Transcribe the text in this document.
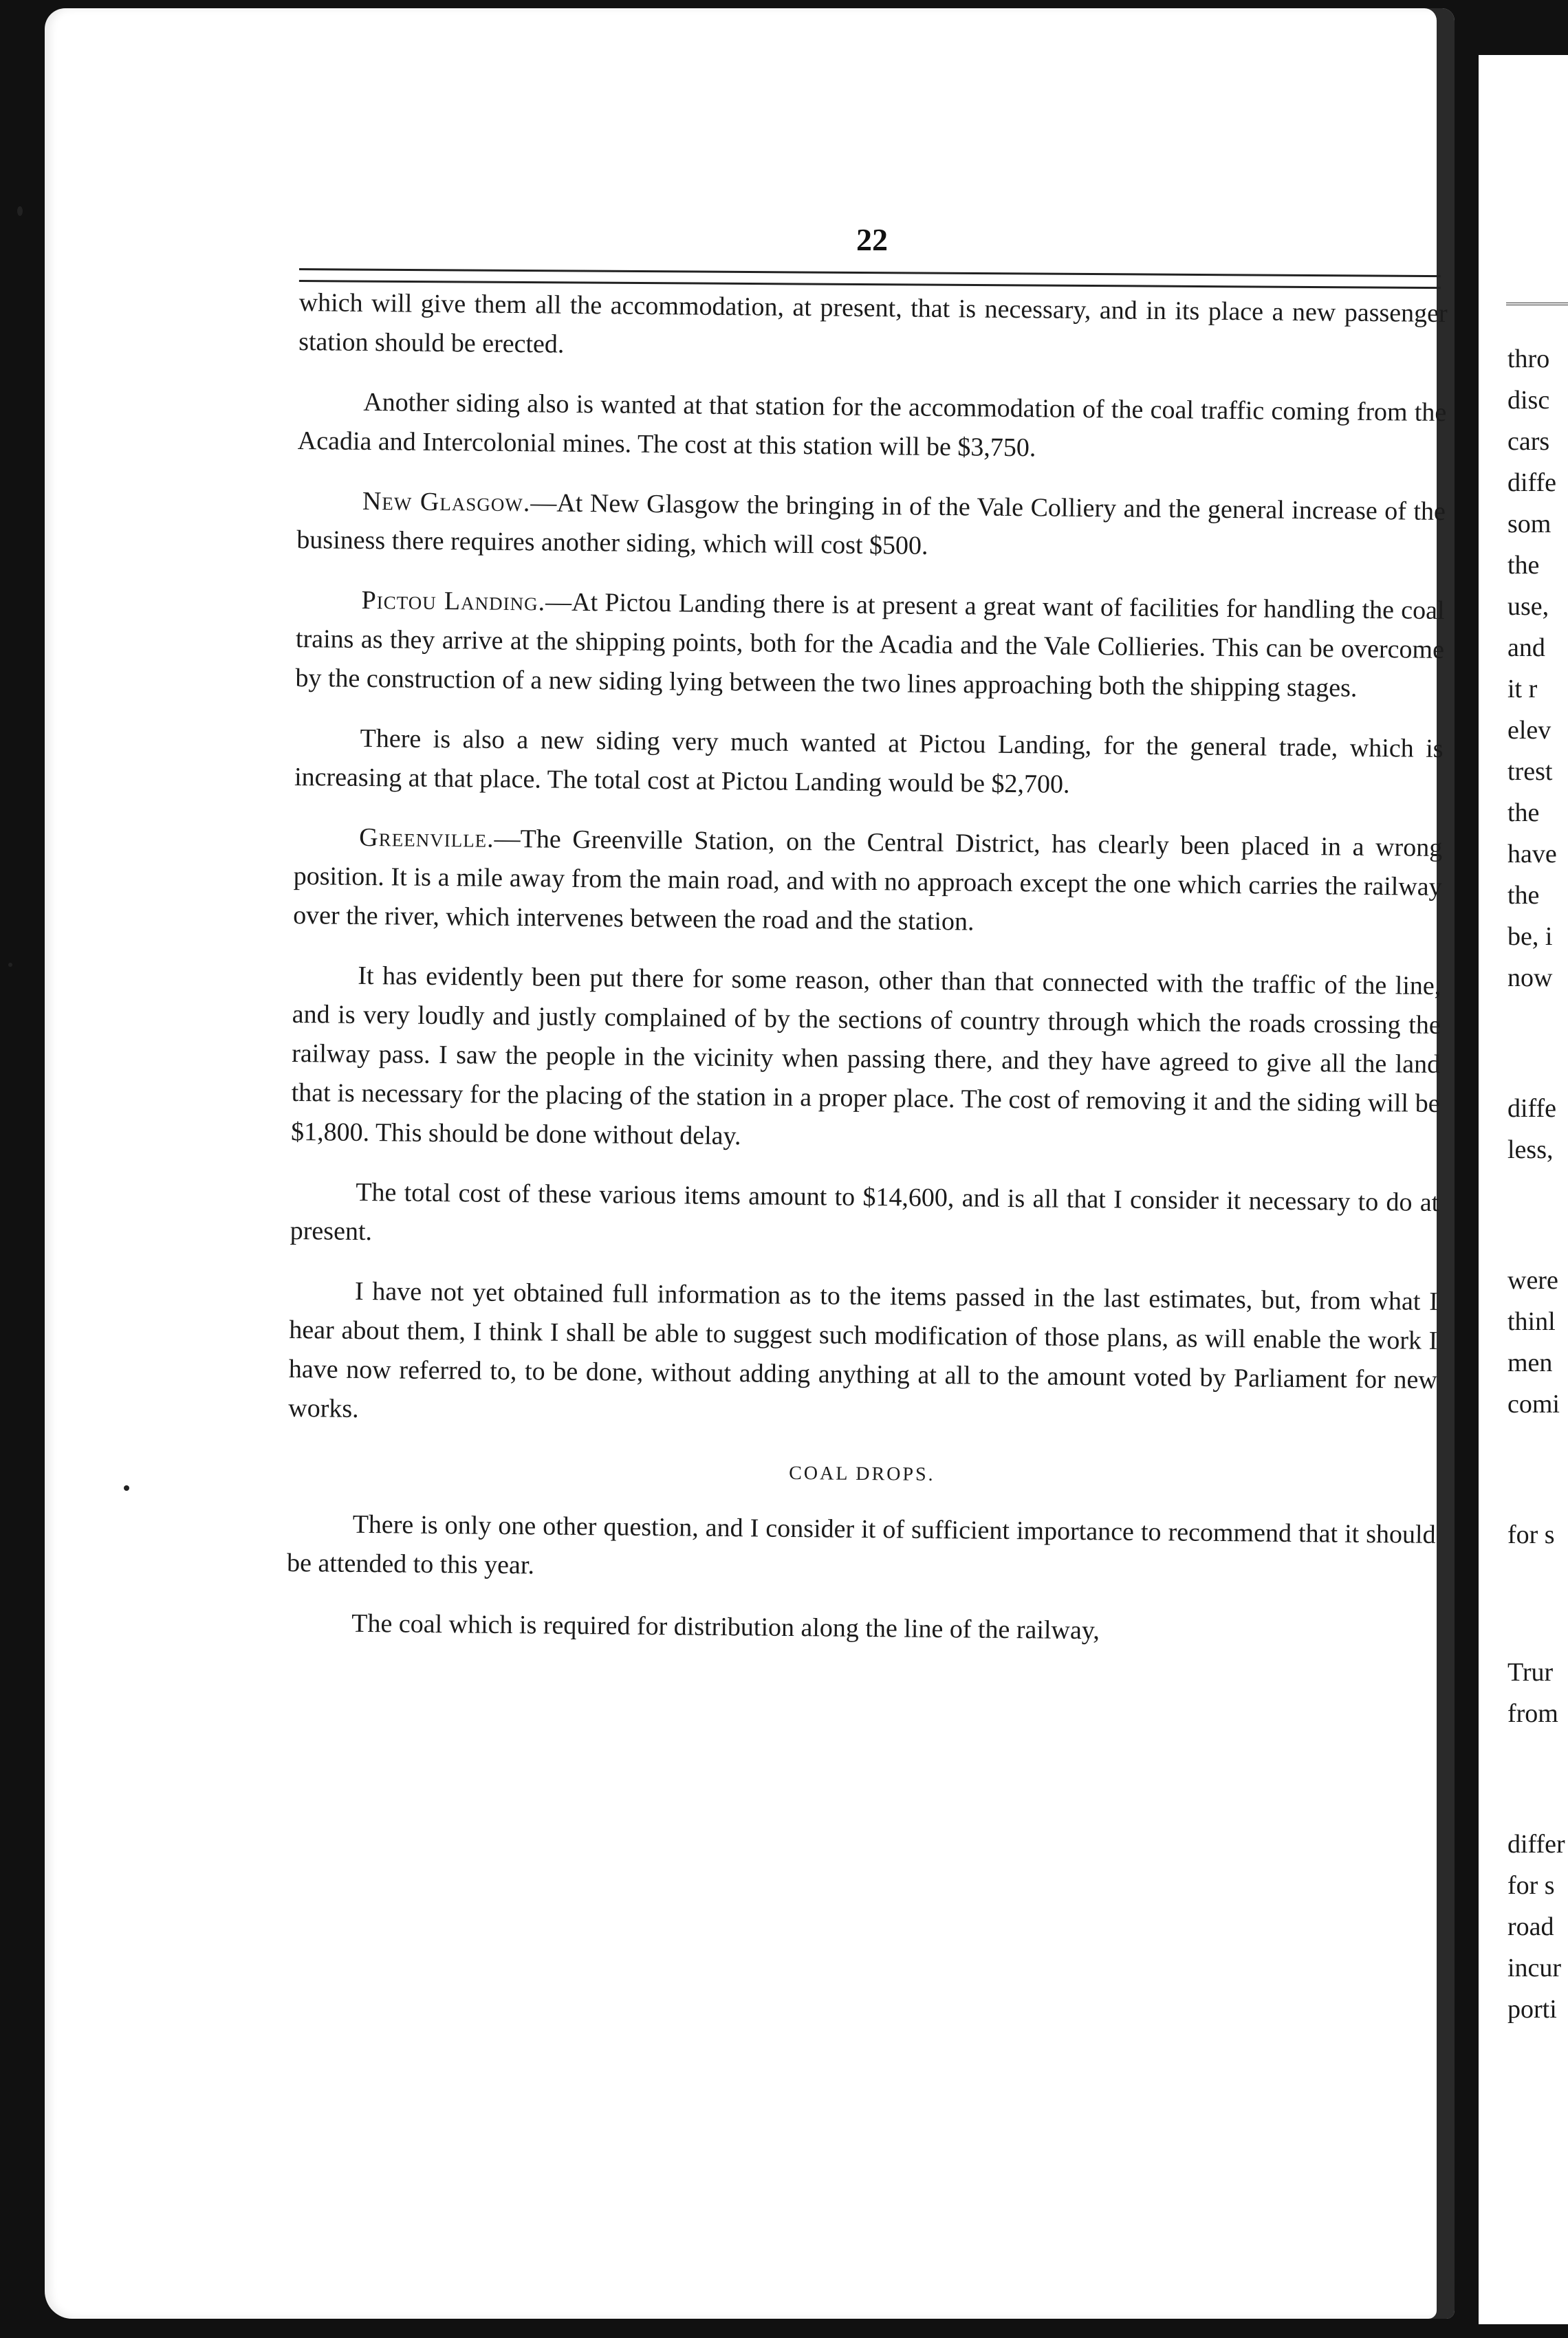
22

which will give them all the accommodation, at present, that is necessary, and in its place a new passenger station should be erected.

Another siding also is wanted at that station for the accommodation of the coal traffic coming from the Acadia and Intercolonial mines. The cost at this station will be $3,750.

New Glasgow.—At New Glasgow the bringing in of the Vale Colliery and the general increase of the business there requires another siding, which will cost $500.

Pictou Landing.—At Pictou Landing there is at present a great want of facilities for handling the coal trains as they arrive at the shipping points, both for the Acadia and the Vale Collieries. This can be overcome by the construction of a new siding lying between the two lines approaching both the shipping stages.

There is also a new siding very much wanted at Pictou Landing, for the general trade, which is increasing at that place. The total cost at Pictou Landing would be $2,700.

Greenville.—The Greenville Station, on the Central District, has clearly been placed in a wrong position. It is a mile away from the main road, and with no approach except the one which carries the railway over the river, which intervenes between the road and the station.

It has evidently been put there for some reason, other than that connected with the traffic of the line, and is very loudly and justly complained of by the sections of country through which the roads crossing the railway pass. I saw the people in the vicinity when passing there, and they have agreed to give all the land that is necessary for the placing of the station in a proper place. The cost of removing it and the siding will be $1,800. This should be done without delay.

The total cost of these various items amount to $14,600, and is all that I consider it necessary to do at present.

I have not yet obtained full information as to the items passed in the last estimates, but, from what I hear about them, I think I shall be able to suggest such modification of those plans, as will enable the work I have now referred to, to be done, without adding anything at all to the amount voted by Parliament for new works.

COAL DROPS.

There is only one other question, and I consider it of sufficient importance to recommend that it should be attended to this year.

The coal which is required for distribution along the line of the railway,

thro
disc
cars
diffe
som
the
use,
and
it r
elev
trest
the
have
the
be, i
now
diffe
less,
were
thinl
men
comi
for s
Trur
from
differ
for s
road
incur
porti
